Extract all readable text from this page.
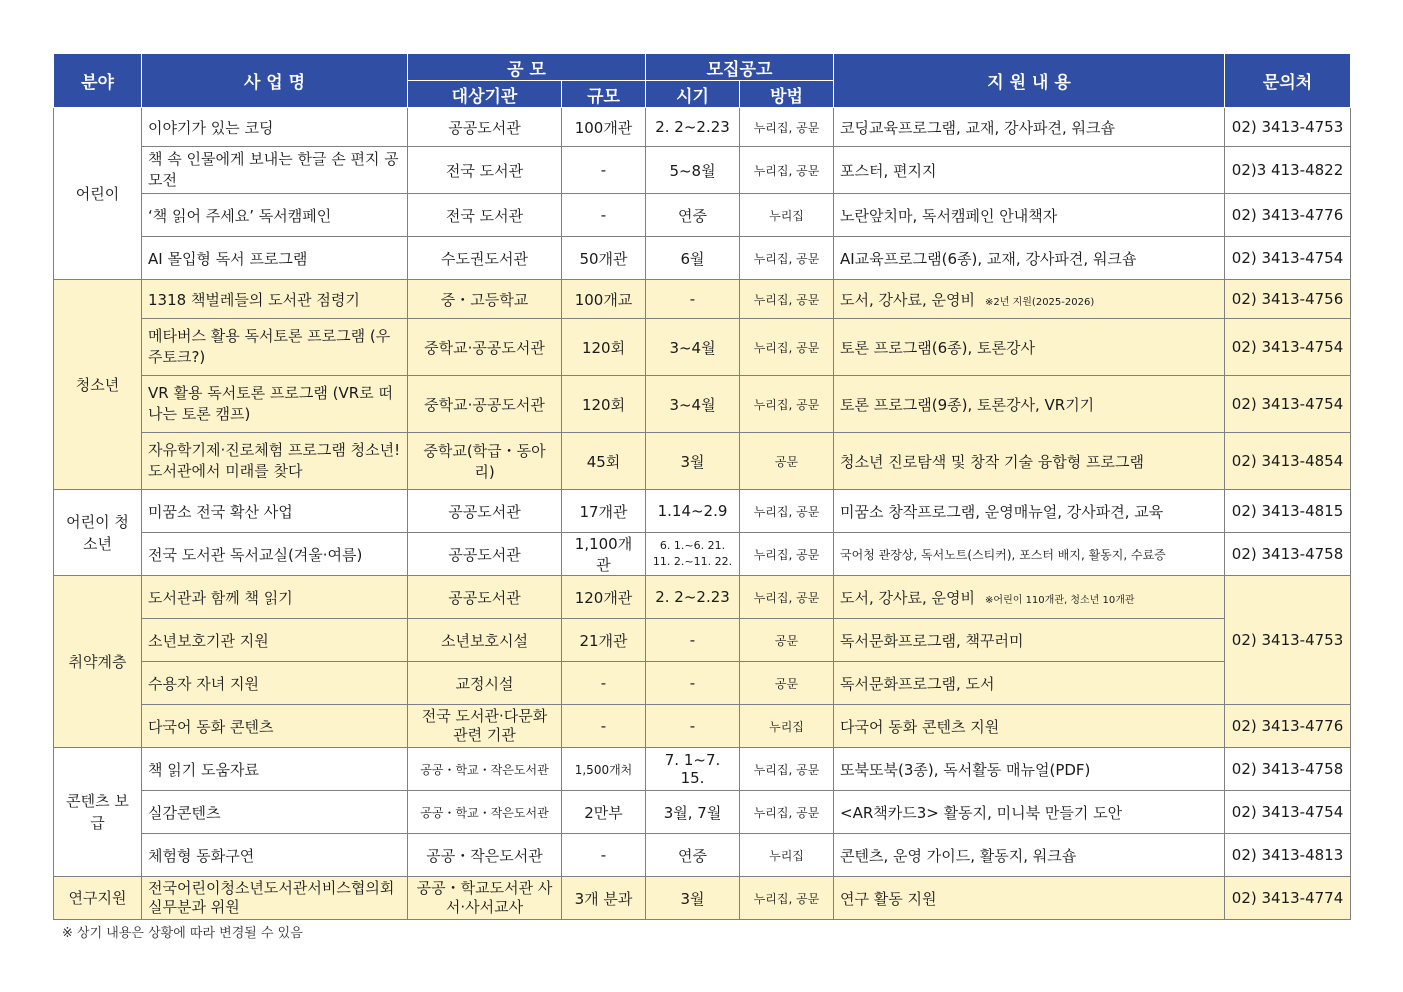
분야	사 업 명	공 모		모집공고		지 원 내 용	문의처
		대상기관	규모	시기	방법		
어린이	이야기가 있는 코딩	공공도서관	100개관	2. 2~2.23	누리집, 공문	코딩교육프로그램, 교재, 강사파견, 워크숍	02) 3413-4753
	책 속 인물에게 보내는 한글 손 편지 공모전	전국 도서관	-	5~8월	누리집, 공문	포스터, 편지지	02)3 413-4822
	‘책 읽어 주세요’ 독서캠페인	전국 도서관	-	연중	누리집	노란앞치마, 독서캠페인 안내책자	02) 3413-4776
	AI 몰입형 독서 프로그램	수도권도서관	50개관	6월	누리집, 공문	AI교육프로그램(6종), 교재, 강사파견, 워크숍	02) 3413-4754
청소년	1318 책벌레들의 도서관 점령기	중・고등학교	100개교	-	누리집, 공문	도서, 강사료, 운영비 ※2년 지원(2025-2026)	02) 3413-4756
	메타버스 활용 독서토론 프로그램 (우주토크?)	중학교·공공도서관	120회	3~4월	누리집, 공문	토론 프로그램(6종), 토론강사	02) 3413-4754
	VR 활용 독서토론 프로그램 (VR로 떠나는 토론 캠프)	중학교·공공도서관	120회	3~4월	누리집, 공문	토론 프로그램(9종), 토론강사, VR기기	02) 3413-4754
	자유학기제·진로체험 프로그램 청소년! 도서관에서 미래를 찾다	중학교(학급・동아리)	45회	3월	공문	청소년 진로탐색 및 창작 기술 융합형 프로그램	02) 3413-4854
어린이 청소년	미꿈소 전국 확산 사업	공공도서관	17개관	1.14~2.9	누리집, 공문	미꿈소 창작프로그램, 운영매뉴얼, 강사파견, 교육	02) 3413-4815
	전국 도서관 독서교실(겨울·여름)	공공도서관	1,100개관	6. 1.~6. 21. 11. 2.~11. 22.	누리집, 공문	국어청 관장상, 독서노트(스티커), 포스터 배지, 활동지, 수료증	02) 3413-4758
취약계층	도서관과 함께 책 읽기	공공도서관	120개관	2. 2~2.23	누리집, 공문	도서, 강사료, 운영비 ※어린이 110개관, 청소년 10개관	02) 3413-4753
	소년보호기관 지원	소년보호시설	21개관	-	공문	독서문화프로그램, 책꾸러미	
	수용자 자녀 지원	교정시설	-	-	공문	독서문화프로그램, 도서	
	다국어 동화 콘텐츠	전국 도서관·다문화 관련 기관	-	-	누리집	다국어 동화 콘텐츠 지원	02) 3413-4776
콘텐츠 보급	책 읽기 도움자료	공공・학교・작은도서관	1,500개처	7. 1~7. 15.	누리집, 공문	또북또북(3종), 독서활동 매뉴얼(PDF)	02) 3413-4758
	실감콘텐츠	공공・학교・작은도서관	2만부	3월, 7월	누리집, 공문	<AR책카드3> 활동지, 미니북 만들기 도안	02) 3413-4754
	체험형 동화구연	공공・작은도서관	-	연중	누리집	콘텐츠, 운영 가이드, 활동지, 워크숍	02) 3413-4813
연구지원	전국어린이청소년도서관서비스협의회 실무분과 위원	공공・학교도서관 사서·사서교사	3개 분과	3월	누리집, 공문	연구 활동 지원	02) 3413-4774
※ 상기 내용은 상황에 따라 변경될 수 있음
